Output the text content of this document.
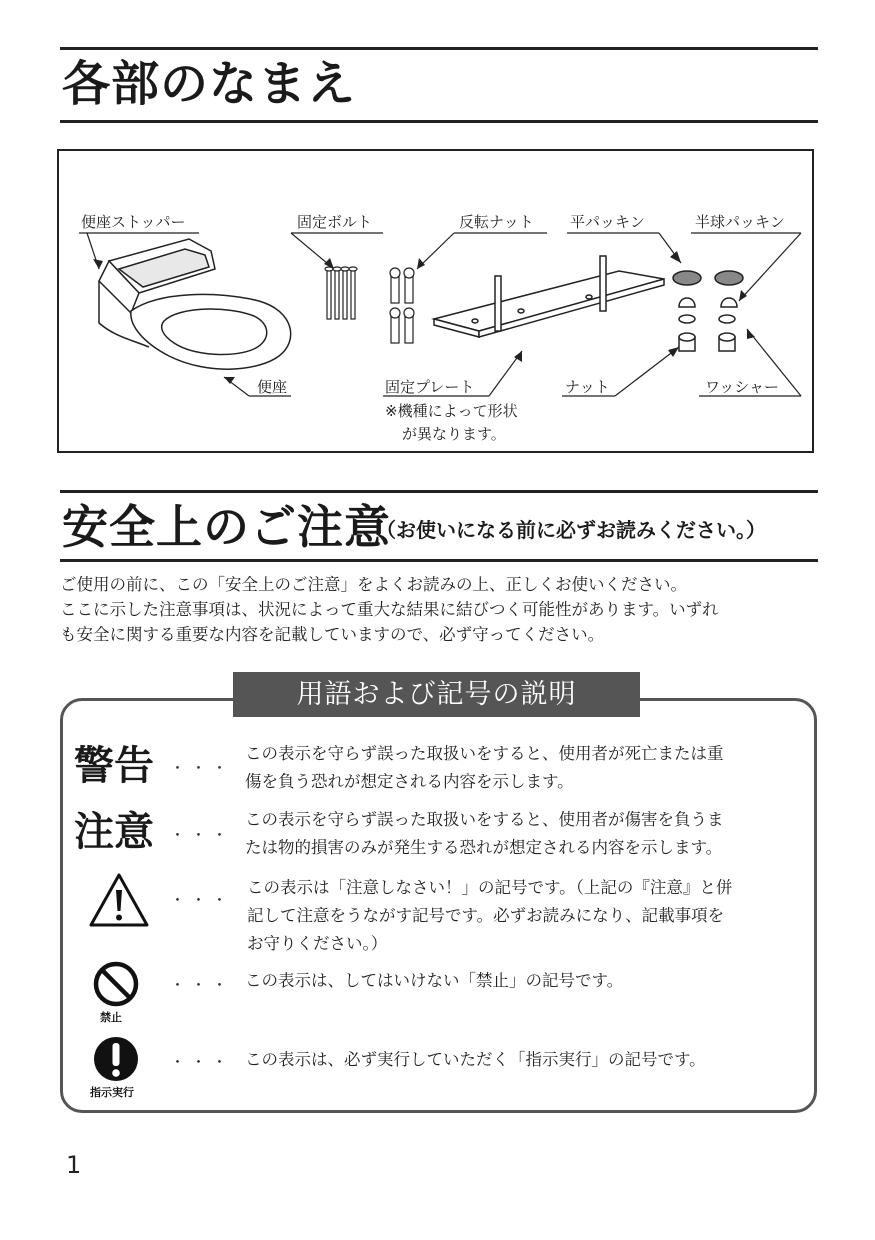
各部のなまえ
便座ストッパー	固定ボルト	反転ナット 平パッキン	半球パッキン
便座	固定プレート	ナット	ワッシャー
※機種によって形状
が異なります。
安全上のご注意
（お使いになる前に必ずお読みください。）

ご使用の前に、この「安全上のご注意」をよくお読みの上、正しくお使いください。

ここに示した注意事項は、状況によって重大な結果に結びつく可能性があります。いずれ

も安全に関する重要な内容を記載していますので、必ず守ってください。

用語および記号の説明
警告 ・・・
この表示を守らず誤った取扱いをすると、使用者が死亡または重
傷を負う恐れが想定される内容を示します。
注意 ・・・
この表示を守らず誤った取扱いをすると、使用者が傷害を負うま
たは物的損害のみが発生する恐れが想定される内容を示します。
・・・
この表示は「注意しなさい！」の記号です。（上記の『注意』と併
記して注意をうながす記号です。必ずお読みになり、記載事項を
お守りください。）
禁止
・・・ この表示は、してはいけない「禁止」の記号です。
指示実行
・・・ この表示は、必ず実行していただく「指示実行」の記号です。
1
